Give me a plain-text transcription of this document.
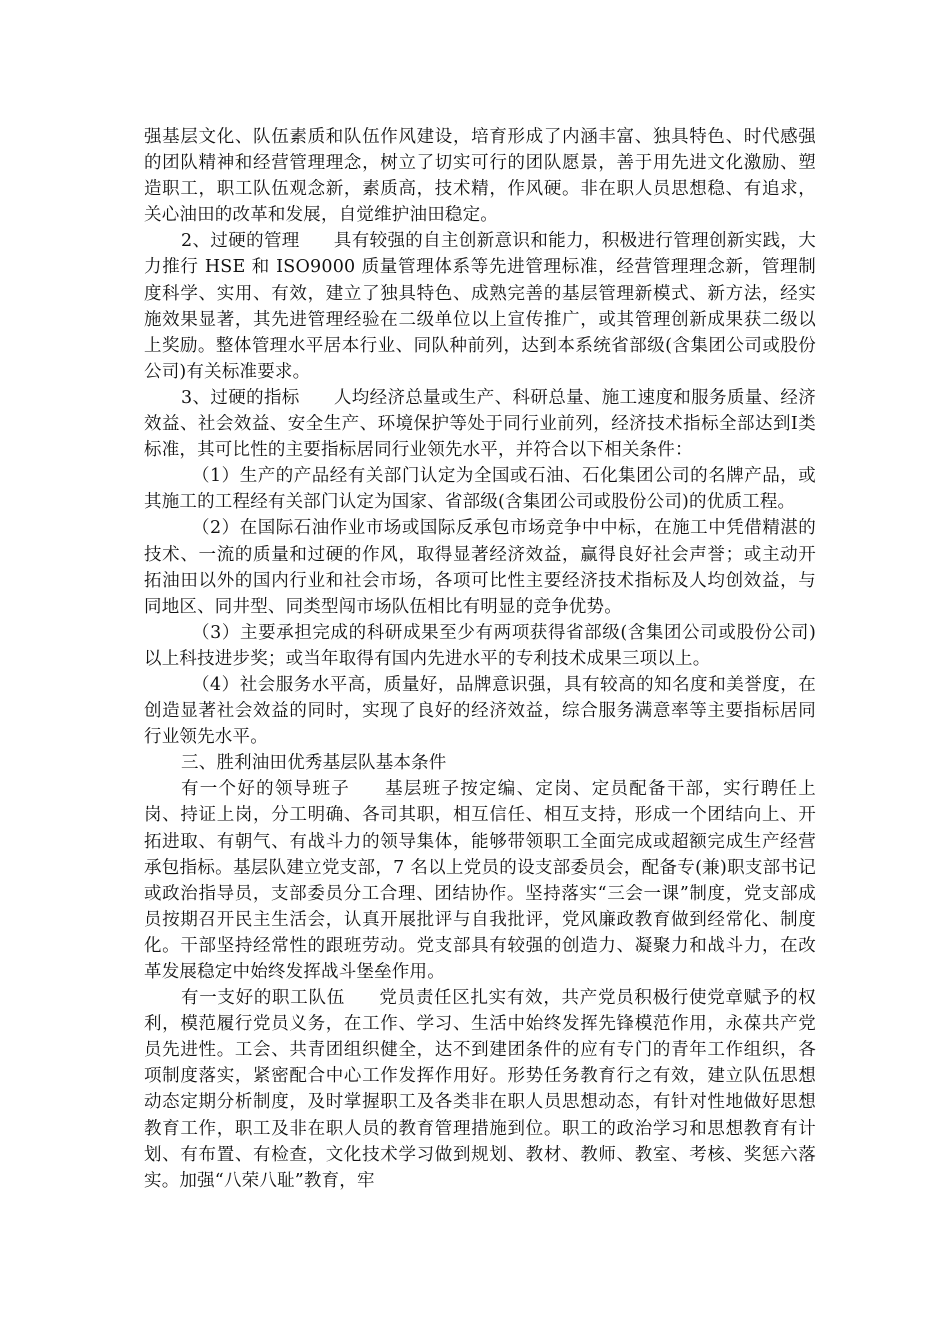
强基层文化、队伍素质和队伍作风建设，培育形成了内涵丰富、独具特色、时代感强的团队精神和经营管理理念，树立了切实可行的团队愿景，善于用先进文化激励、塑造职工，职工队伍观念新，素质高，技术精，作风硬。非在职人员思想稳、有追求，关心油田的改革和发展，自觉维护油田稳定。

2、过硬的管理 具有较强的自主创新意识和能力，积极进行管理创新实践，大力推行 HSE 和 ISO9000 质量管理体系等先进管理标准，经营管理理念新，管理制度科学、实用、有效，建立了独具特色、成熟完善的基层管理新模式、新方法，经实施效果显著，其先进管理经验在二级单位以上宣传推广，或其管理创新成果获二级以上奖励。整体管理水平居本行业、同队种前列，达到本系统省部级(含集团公司或股份公司)有关标准要求。

3、过硬的指标 人均经济总量或生产、科研总量、施工速度和服务质量、经济效益、社会效益、安全生产、环境保护等处于同行业前列，经济技术指标全部达到Ⅰ类标准，其可比性的主要指标居同行业领先水平，并符合以下相关条件：

（1）生产的产品经有关部门认定为全国或石油、石化集团公司的名牌产品，或其施工的工程经有关部门认定为国家、省部级(含集团公司或股份公司)的优质工程。

（2）在国际石油作业市场或国际反承包市场竞争中中标，在施工中凭借精湛的技术、一流的质量和过硬的作风，取得显著经济效益，赢得良好社会声誉；或主动开拓油田以外的国内行业和社会市场，各项可比性主要经济技术指标及人均创效益，与同地区、同井型、同类型闯市场队伍相比有明显的竞争优势。

（3）主要承担完成的科研成果至少有两项获得省部级(含集团公司或股份公司)以上科技进步奖；或当年取得有国内先进水平的专利技术成果三项以上。

（4）社会服务水平高，质量好，品牌意识强，具有较高的知名度和美誉度，在创造显著社会效益的同时，实现了良好的经济效益，综合服务满意率等主要指标居同行业领先水平。

三、胜利油田优秀基层队基本条件

有一个好的领导班子 基层班子按定编、定岗、定员配备干部，实行聘任上岗、持证上岗，分工明确、各司其职，相互信任、相互支持，形成一个团结向上、开拓进取、有朝气、有战斗力的领导集体，能够带领职工全面完成或超额完成生产经营承包指标。基层队建立党支部，7 名以上党员的设支部委员会，配备专(兼)职支部书记或政治指导员，支部委员分工合理、团结协作。坚持落实“三会一课”制度，党支部成员按期召开民主生活会，认真开展批评与自我批评，党风廉政教育做到经常化、制度化。干部坚持经常性的跟班劳动。党支部具有较强的创造力、凝聚力和战斗力，在改革发展稳定中始终发挥战斗堡垒作用。

有一支好的职工队伍 党员责任区扎实有效，共产党员积极行使党章赋予的权利，模范履行党员义务，在工作、学习、生活中始终发挥先锋模范作用，永葆共产党员先进性。工会、共青团组织健全，达不到建团条件的应有专门的青年工作组织，各项制度落实，紧密配合中心工作发挥作用好。形势任务教育行之有效，建立队伍思想动态定期分析制度，及时掌握职工及各类非在职人员思想动态，有针对性地做好思想教育工作，职工及非在职人员的教育管理措施到位。职工的政治学习和思想教育有计划、有布置、有检查，文化技术学习做到规划、教材、教师、教室、考核、奖惩六落实。加强“八荣八耻”教育，牢
